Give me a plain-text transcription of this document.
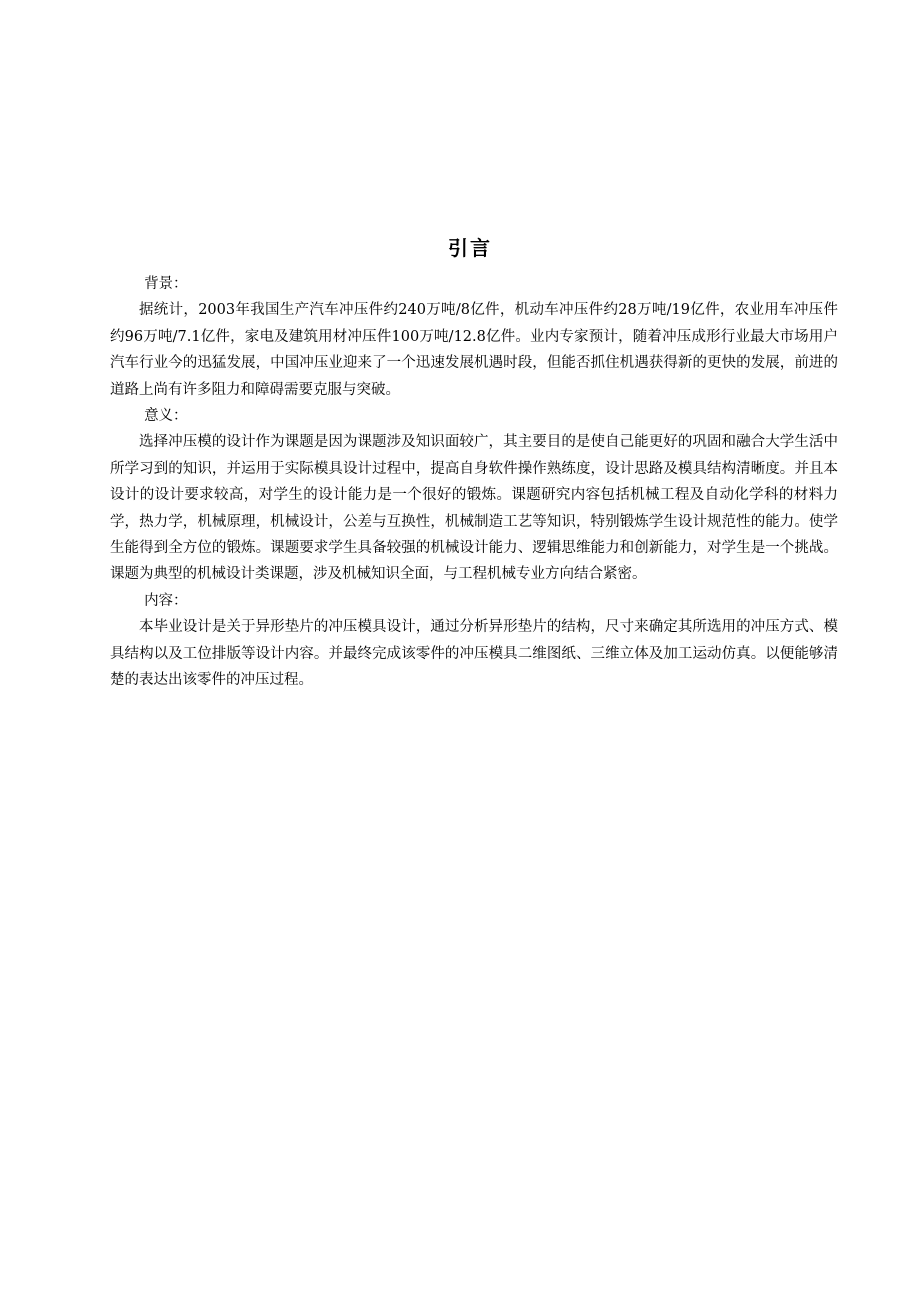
引言

背景：

据统计，2003年我国生产汽车冲压件约240万吨/8亿件，机动车冲压件约28万吨/19亿件，农业用车冲压件约96万吨/7.1亿件，家电及建筑用材冲压件100万吨/12.8亿件。业内专家预计，随着冲压成形行业最大市场用户汽车行业今的迅猛发展，中国冲压业迎来了一个迅速发展机遇时段，但能否抓住机遇获得新的更快的发展，前进的道路上尚有许多阻力和障碍需要克服与突破。

意义：

选择冲压模的设计作为课题是因为课题涉及知识面较广，其主要目的是使自己能更好的巩固和融合大学生活中所学习到的知识，并运用于实际模具设计过程中，提高自身软件操作熟练度，设计思路及模具结构清晰度。并且本设计的设计要求较高，对学生的设计能力是一个很好的锻炼。课题研究内容包括机械工程及自动化学科的材料力学，热力学，机械原理，机械设计，公差与互换性，机械制造工艺等知识，特别锻炼学生设计规范性的能力。使学生能得到全方位的锻炼。课题要求学生具备较强的机械设计能力、逻辑思维能力和创新能力，对学生是一个挑战。课题为典型的机械设计类课题，涉及机械知识全面，与工程机械专业方向结合紧密。

内容：

本毕业设计是关于异形垫片的冲压模具设计，通过分析异形垫片的结构，尺寸来确定其所选用的冲压方式、模具结构以及工位排版等设计内容。并最终完成该零件的冲压模具二维图纸、三维立体及加工运动仿真。以便能够清楚的表达出该零件的冲压过程。
